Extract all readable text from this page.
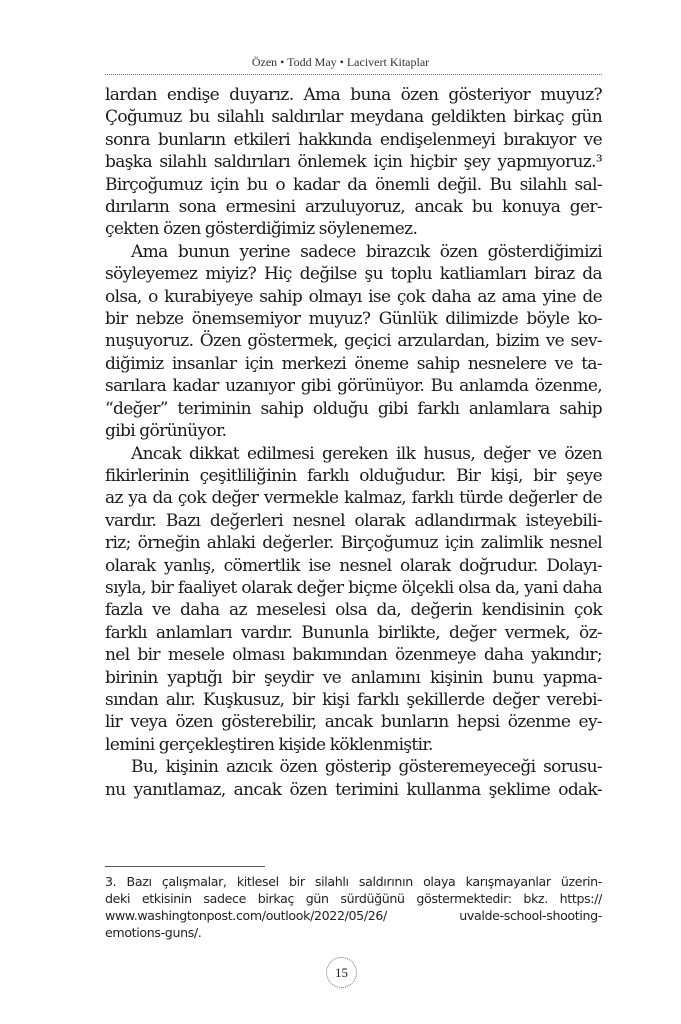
Özen • Todd May • Lacivert Kitaplar

lardan endişe duyarız. Ama buna özen gösteriyor muyuz?
Çoğumuz bu silahlı saldırılar meydana geldikten birkaç gün
sonra bunların etkileri hakkında endişelenmeyi bırakıyor ve
başka silahlı saldırıları önlemek için hiçbir şey yapmıyoruz.³
Birçoğumuz için bu o kadar da önemli değil. Bu silahlı sal-
dırıların sona ermesini arzuluyoruz, ancak bu konuya ger-
çekten özen gösterdiğimiz söylenemez.

Ama bunun yerine sadece birazcık özen gösterdiğimizi
söyleyemez miyiz? Hiç değilse şu toplu katliamları biraz da
olsa, o kurabiyeye sahip olmayı ise çok daha az ama yine de
bir nebze önemsemiyor muyuz? Günlük dilimizde böyle ko-
nuşuyoruz. Özen göstermek, geçici arzulardan, bizim ve sev-
diğimiz insanlar için merkezi öneme sahip nesnelere ve ta-
sarılara kadar uzanıyor gibi görünüyor. Bu anlamda özenme,
“değer” teriminin sahip olduğu gibi farklı anlamlara sahip
gibi görünüyor.

Ancak dikkat edilmesi gereken ilk husus, değer ve özen
fikirlerinin çeşitliliğinin farklı olduğudur. Bir kişi, bir şeye
az ya da çok değer vermekle kalmaz, farklı türde değerler de
vardır. Bazı değerleri nesnel olarak adlandırmak isteyebili-
riz; örneğin ahlaki değerler. Birçoğumuz için zalimlik nesnel
olarak yanlış, cömertlik ise nesnel olarak doğrudur. Dolayı-
sıyla, bir faaliyet olarak değer biçme ölçekli olsa da, yani daha
fazla ve daha az meselesi olsa da, değerin kendisinin çok
farklı anlamları vardır. Bununla birlikte, değer vermek, öz-
nel bir mesele olması bakımından özenmeye daha yakındır;
birinin yaptığı bir şeydir ve anlamını kişinin bunu yapma-
sından alır. Kuşkusuz, bir kişi farklı şekillerde değer verebi-
lir veya özen gösterebilir, ancak bunların hepsi özenme ey-
lemini gerçekleştiren kişide köklenmiştir.

Bu, kişinin azıcık özen gösterip gösteremeyeceği sorusu-
nu yanıtlamaz, ancak özen terimini kullanma şeklime odak-

3. Bazı çalışmalar, kitlesel bir silahlı saldırının olaya karışmayanlar üzerin-
deki etkisinin sadece birkaç gün sürdüğünü göstermektedir: bkz. https://
www.washingtonpost.com/outlook/2022/05/26/ uvalde-school-shooting-
emotions-guns/.
15
